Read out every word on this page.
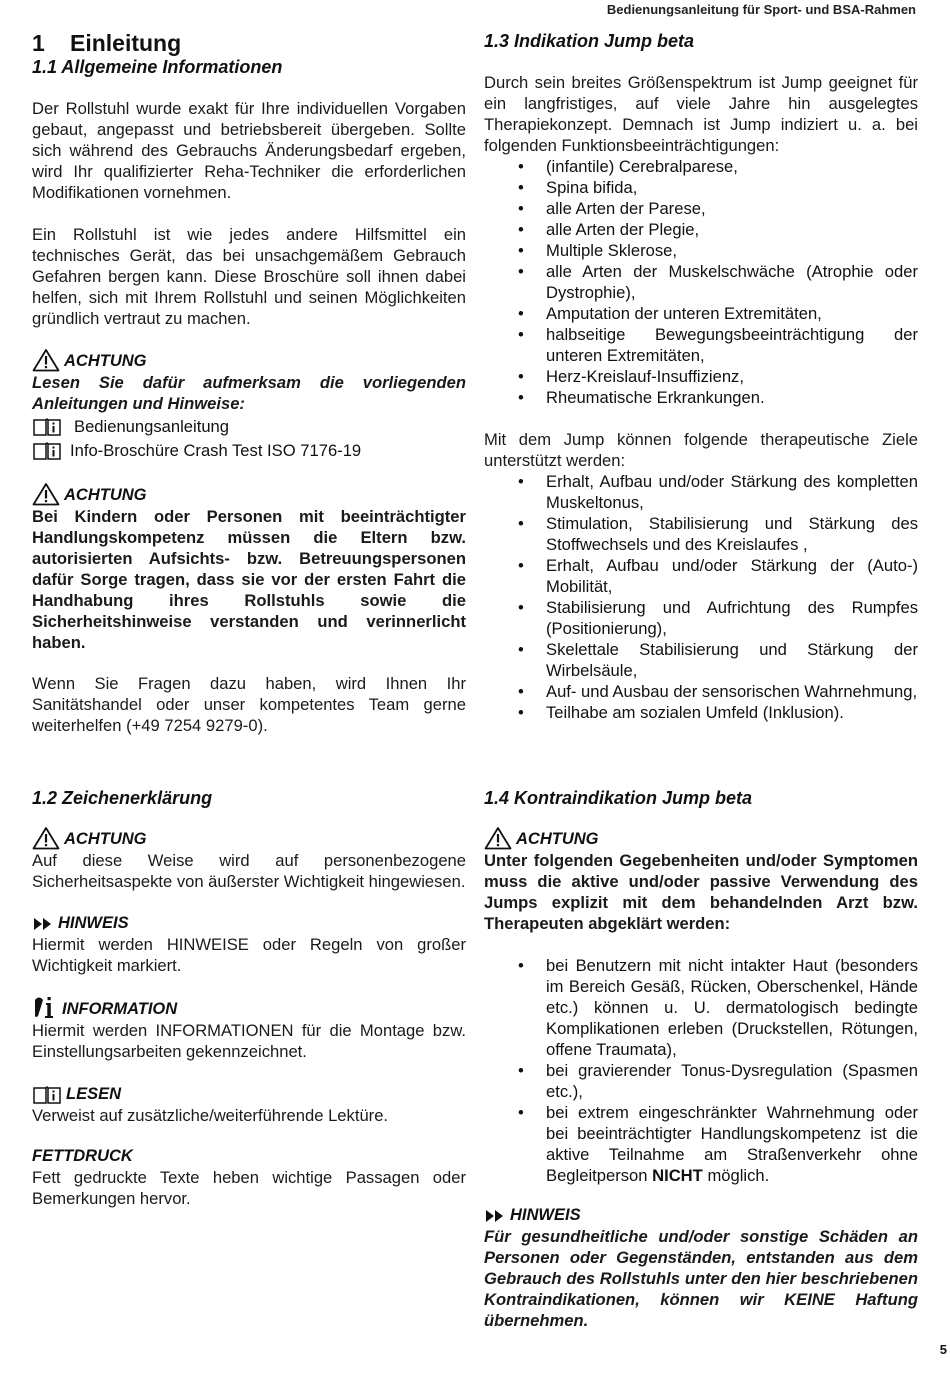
Bedienungsanleitung für Sport- und BSA-Rahmen

1 Einleitung

1.1 Allgemeine Informationen

Der Rollstuhl wurde exakt für Ihre individuellen Vorgaben gebaut, angepasst und betriebsbereit übergeben. Sollte sich während des Gebrauchs Änderungsbedarf ergeben, wird Ihr qualifizierter Reha-Techniker die erforderlichen Modifikationen vornehmen.

Ein Rollstuhl ist wie jedes andere Hilfsmittel ein technisches Gerät, das bei unsachgemäßem Gebrauch Gefahren bergen kann. Diese Broschüre soll ihnen dabei helfen, sich mit Ihrem Rollstuhl und seinen Möglichkeiten gründlich vertraut zu machen.

ACHTUNG

Lesen Sie dafür aufmerksam die vorliegenden Anleitungen und Hinweise:

Bedienungsanleitung
Info-Broschüre Crash Test ISO 7176-19
ACHTUNG

Bei Kindern oder Personen mit beeinträchtigter Handlungskompetenz müssen die Eltern bzw. autorisierten Aufsichts- bzw. Betreuungspersonen dafür Sorge tragen, dass sie vor der ersten Fahrt die Handhabung ihres Rollstuhls sowie die Sicherheitshinweise verstanden und verinnerlicht haben.

Wenn Sie Fragen dazu haben, wird Ihnen Ihr Sanitätshandel oder unser kompetentes Team gerne weiterhelfen (+49 7254 9279-0).

1.2 Zeichenerklärung

ACHTUNG

Auf diese Weise wird auf personenbezogene Sicherheitsaspekte von äußerster Wichtigkeit hingewiesen.

HINWEIS

Hiermit werden HINWEISE oder Regeln von großer Wichtigkeit markiert.

INFORMATION

Hiermit werden INFORMATIONEN für die Montage bzw. Einstellungsarbeiten gekennzeichnet.

LESEN

Verweist auf zusätzliche/weiterführende Lektüre.

FETTDRUCK

Fett gedruckte Texte heben wichtige Passagen oder Bemerkungen hervor.

1.3 Indikation Jump beta

Durch sein breites Größenspektrum ist Jump geeignet für ein langfristiges, auf viele Jahre hin ausgelegtes Therapiekonzept. Demnach ist Jump indiziert u. a. bei folgenden Funktionsbeeinträchtigungen:

• (infantile) Cerebralparese,
• Spina bifida,
• alle Arten der Parese,
• alle Arten der Plegie,
• Multiple Sklerose,
• alle Arten der Muskelschwäche (Atrophie oder Dystrophie),
• Amputation der unteren Extremitäten,
• halbseitige Bewegungsbeeinträchtigung der unteren Extremitäten,
• Herz-Kreislauf-Insuffizienz,
• Rheumatische Erkrankungen.

Mit dem Jump können folgende therapeutische Ziele unterstützt werden:

• Erhalt, Aufbau und/oder Stärkung des kompletten Muskeltonus,
• Stimulation, Stabilisierung und Stärkung des Stoffwechsels und des Kreislaufes ,
• Erhalt, Aufbau und/oder Stärkung der (Auto-) Mobilität,
• Stabilisierung und Aufrichtung des Rumpfes (Positionierung),
• Skelettale Stabilisierung und Stärkung der Wirbelsäule,
• Auf- und Ausbau der sensorischen Wahrnehmung,
• Teilhabe am sozialen Umfeld (Inklusion).

1.4 Kontraindikation Jump beta

ACHTUNG

Unter folgenden Gegebenheiten und/oder Symptomen muss die aktive und/oder passive Verwendung des Jumps explizit mit dem behandelnden Arzt bzw. Therapeuten abgeklärt werden:

• bei Benutzern mit nicht intakter Haut (besonders im Bereich Gesäß, Rücken, Oberschenkel, Hände etc.) können u. U. dermatologisch bedingte Komplikationen erleben (Druckstellen, Rötungen, offene Traumata),
• bei gravierender Tonus-Dysregulation (Spasmen etc.),
• bei extrem eingeschränkter Wahrnehmung oder bei beeinträchtigter Handlungskompetenz ist die aktive Teilnahme am Straßenverkehr ohne Begleitperson NICHT möglich.
HINWEIS

Für gesundheitliche und/oder sonstige Schäden an Personen oder Gegenständen, entstanden aus dem Gebrauch des Rollstuhls unter den hier beschriebenen Kontraindikationen, können wir KEINE Haftung übernehmen.

5
